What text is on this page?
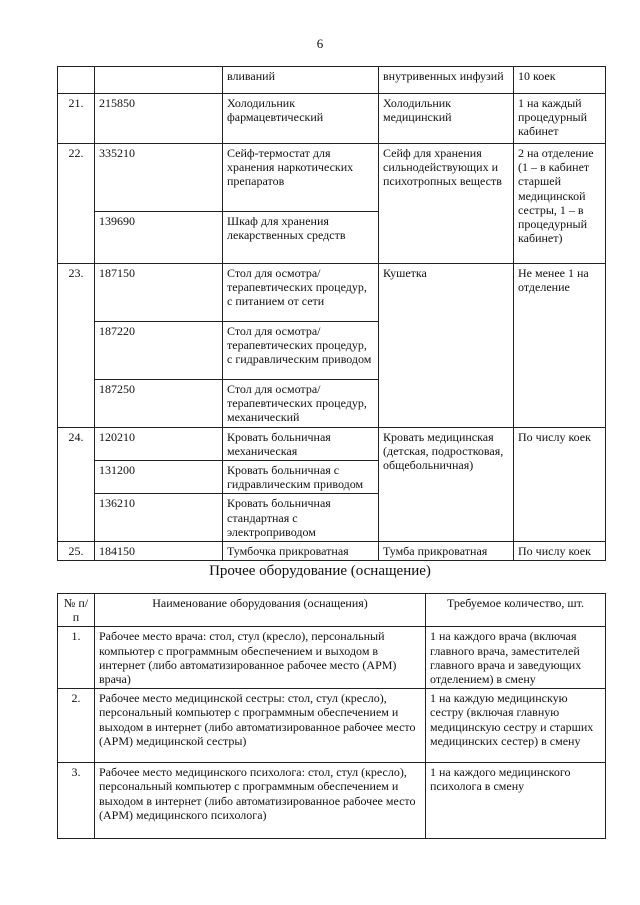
6
		вливаний	внутривенных инфузий	10 коек
21.	215850	Холодильник фармацевтический	Холодильник медицинский	1 на каждый процедурный кабинет
22.	335210	Сейф-термостат для хранения наркотических препаратов	Сейф для хранения сильнодействующих и психотропных веществ	2 на отделение (1 – в кабинет старшей медицинской сестры, 1 – в процедурный кабинет)
	139690	Шкаф для хранения лекарственных средств		
23.	187150	Стол для осмотра/терапевтических процедур, с питанием от сети	Кушетка	Не менее 1 на отделение
	187220	Стол для осмотра/терапевтических процедур, с гидравлическим приводом		
	187250	Стол для осмотра/терапевтических процедур, механический		
24.	120210	Кровать больничная механическая	Кровать медицинская (детская, подростковая, общебольничная)	По числу коек
	131200	Кровать больничная с гидравлическим приводом		
	136210	Кровать больничная стандартная с электроприводом		
25.	184150	Тумбочка прикроватная	Тумба прикроватная	По числу коек
Прочее оборудование (оснащение)
№ п/п	Наименование оборудования (оснащения)	Требуемое количество, шт.
1.	Рабочее место врача: стол, стул (кресло), персональный компьютер с программным обеспечением и выходом в интернет (либо автоматизированное рабочее место (АРМ) врача)	1 на каждого врача (включая главного врача, заместителей главного врача и заведующих отделением) в смену
2.	Рабочее место медицинской сестры: стол, стул (кресло), персональный компьютер с программным обеспечением и выходом в интернет (либо автоматизированное рабочее место (АРМ) медицинской сестры)	1 на каждую медицинскую сестру (включая главную медицинскую сестру и старших медицинских сестер) в смену
3.	Рабочее место медицинского психолога: стол, стул (кресло), персональный компьютер с программным обеспечением и выходом в интернет (либо автоматизированное рабочее место (АРМ) медицинского психолога)	1 на каждого медицинского психолога в смену
